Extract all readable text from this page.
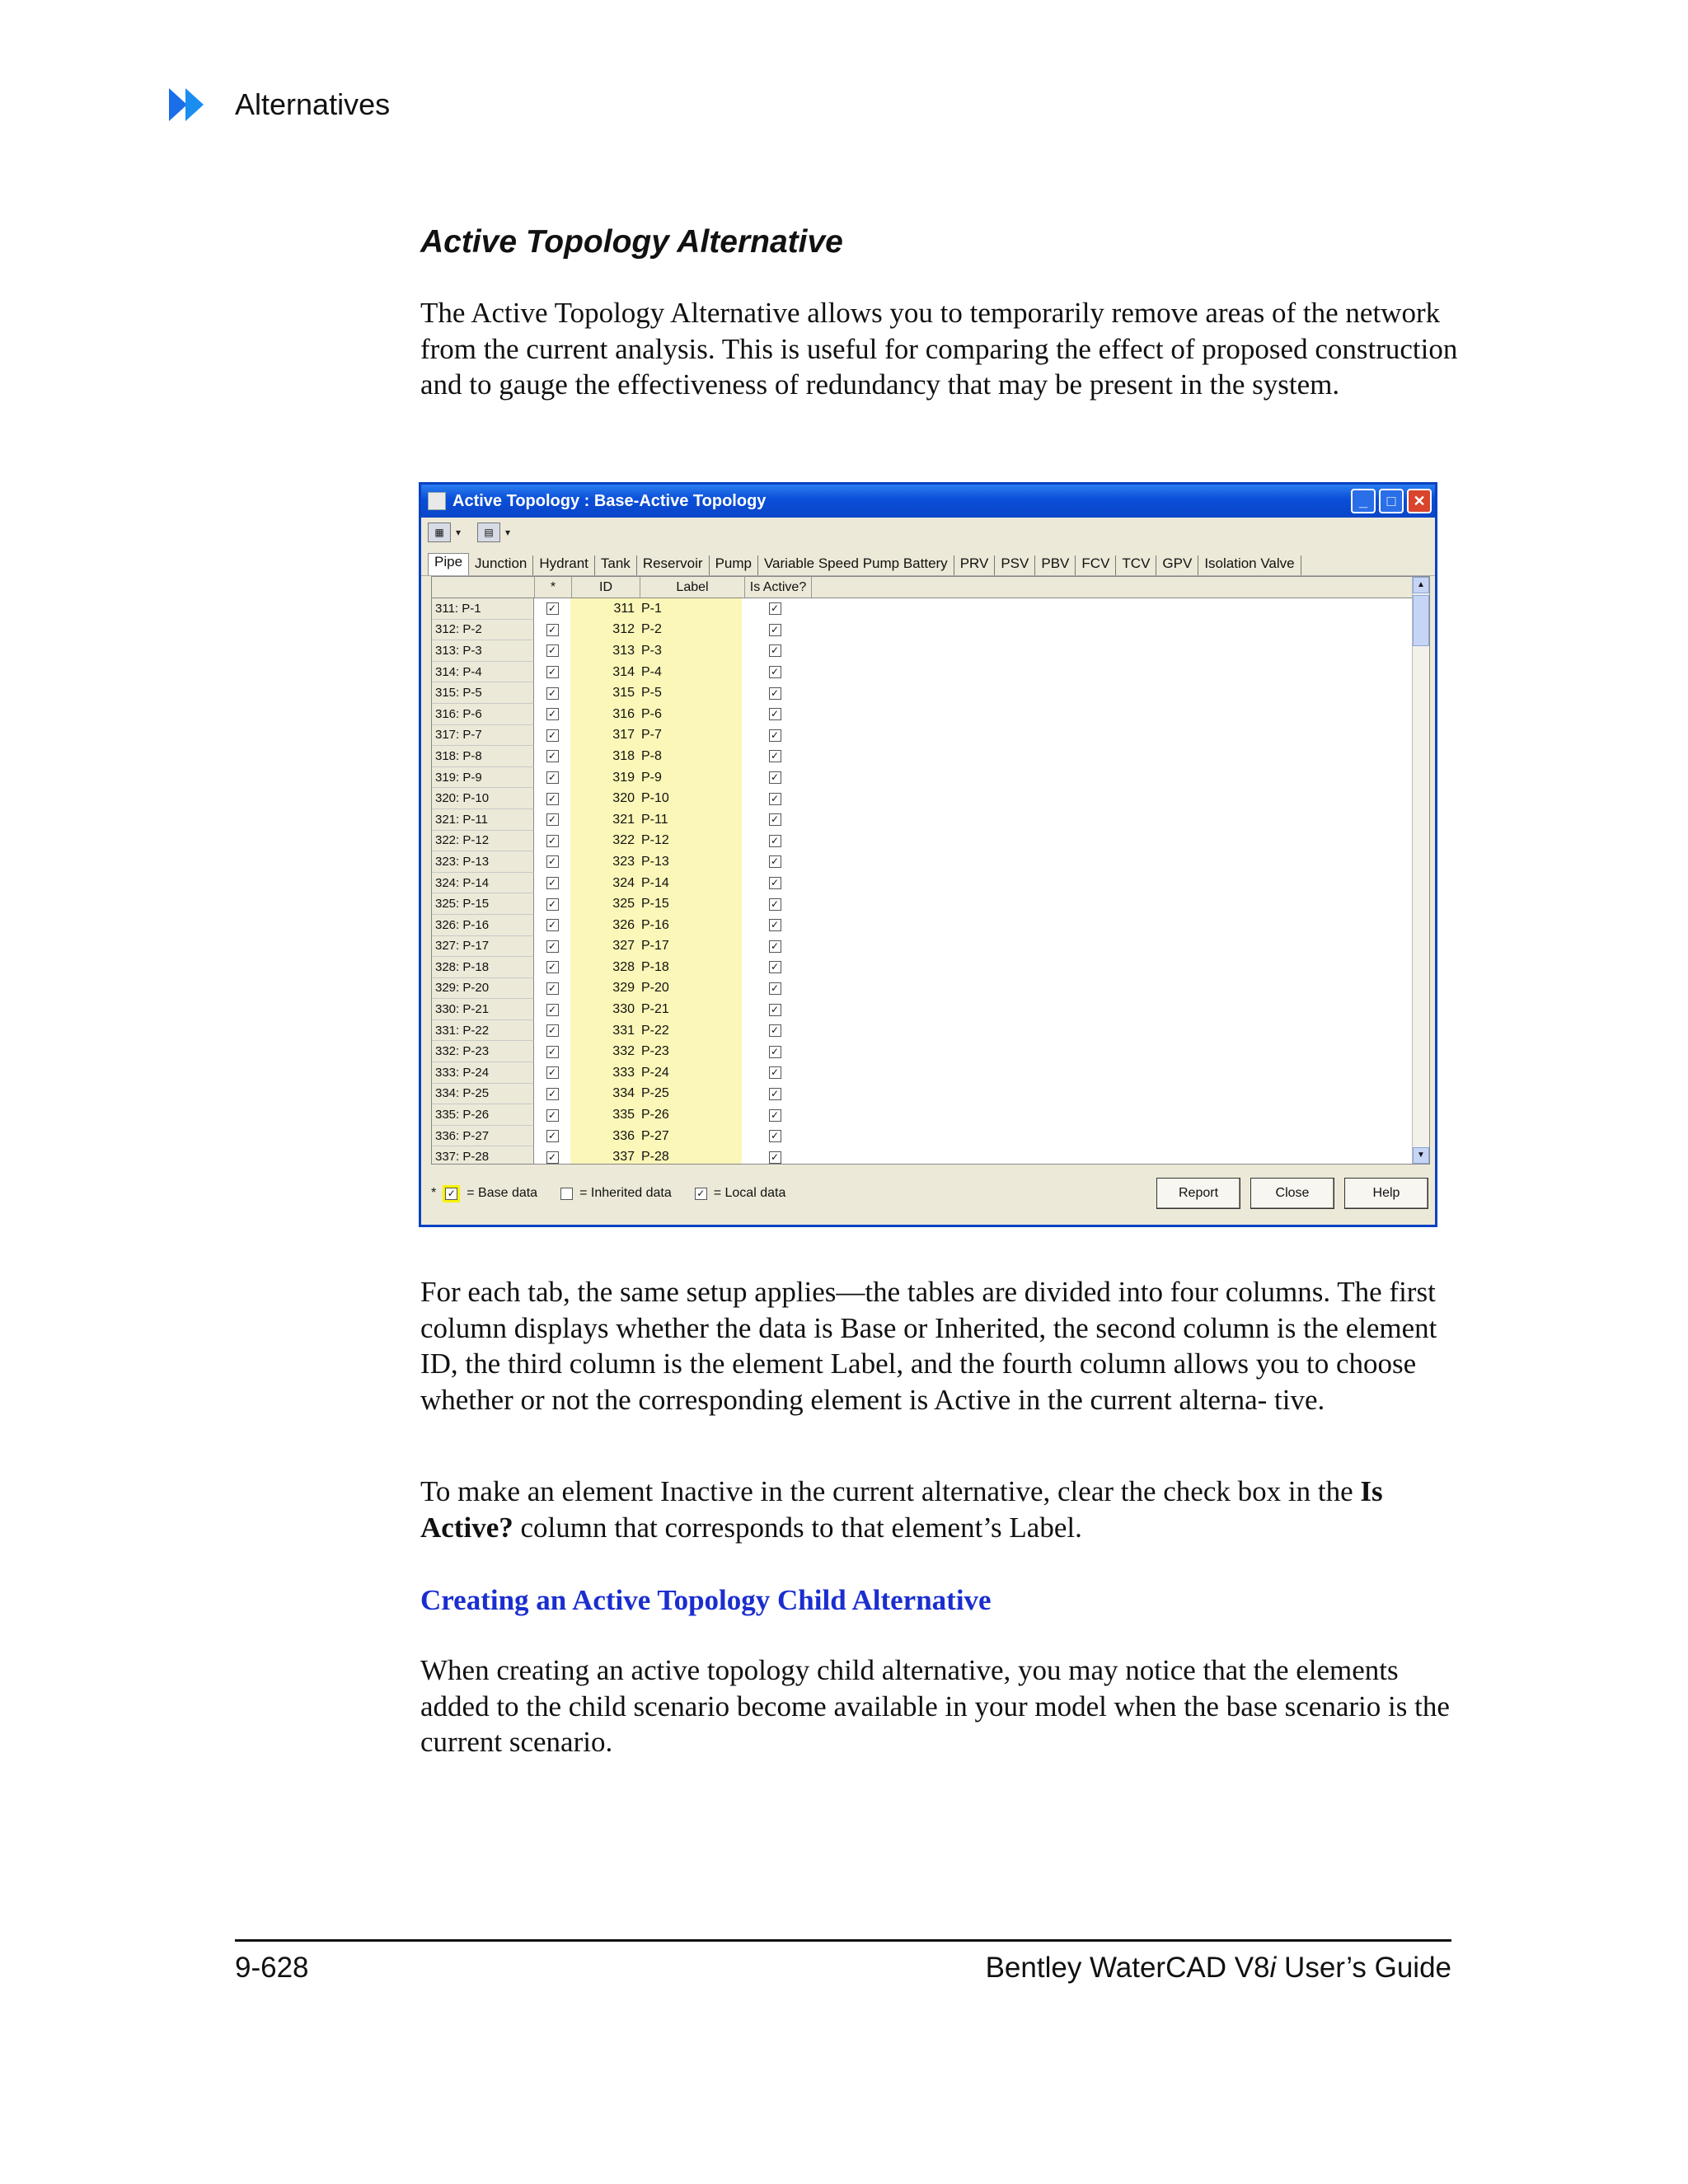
Alternatives
Active Topology Alternative

The Active Topology Alternative allows you to temporarily remove areas of the network from the current analysis. This is useful for comparing the effect of proposed construction and to gauge the effectiveness of redundancy that may be present in the system.

Active Topology : Base-Active Topology	_	□	✕
▦	▾	▤	▾
Pipe Junction Hydrant Tank Reservoir Pump Variable Speed Pump Battery PRV PSV PBV FCV TCV GPV Isolation Valve
*	ID	Label	Is Active?
311: P-1	✓	311 P-1	✓
312: P-2	✓	312 P-2	✓
313: P-3	✓	313 P-3	✓
314: P-4	✓	314 P-4	✓
315: P-5	✓	315 P-5	✓
316: P-6	✓	316 P-6	✓
317: P-7	✓	317 P-7	✓
318: P-8	✓	318 P-8	✓
319: P-9	✓	319 P-9	✓
320: P-10	✓	320 P-10	✓
321: P-11	✓	321 P-11	✓
322: P-12	✓	322 P-12	✓
323: P-13	✓	323 P-13	✓
324: P-14	✓	324 P-14	✓
325: P-15	✓	325 P-15	✓
326: P-16	✓	326 P-16	✓
327: P-17	✓	327 P-17	✓
328: P-18	✓	328 P-18	✓
329: P-20	✓	329 P-20	✓
330: P-21	✓	330 P-21	✓
331: P-22	✓	331 P-22	✓
332: P-23	✓	332 P-23	✓
333: P-24	✓	333 P-24	✓
334: P-25	✓	334 P-25	✓
335: P-26	✓	335 P-26	✓
336: P-27	✓	336 P-27	✓
337: P-28	✓	337 P-28	✓
▲
▼
* ✓ = Base data	= Inherited data	✓ = Local data	Report	Close	Help

For each tab, the same setup applies—the tables are divided into four columns. The first column displays whether the data is Base or Inherited, the second column is the element ID, the third column is the element Label, and the fourth column allows you to choose whether or not the corresponding element is Active in the current alterna- tive.

To make an element Inactive in the current alternative, clear the check box in the Is Active? column that corresponds to that element’s Label.

Creating an Active Topology Child Alternative

When creating an active topology child alternative, you may notice that the elements added to the child scenario become available in your model when the base scenario is the current scenario.

9-628	Bentley WaterCAD V8i User’s Guide
